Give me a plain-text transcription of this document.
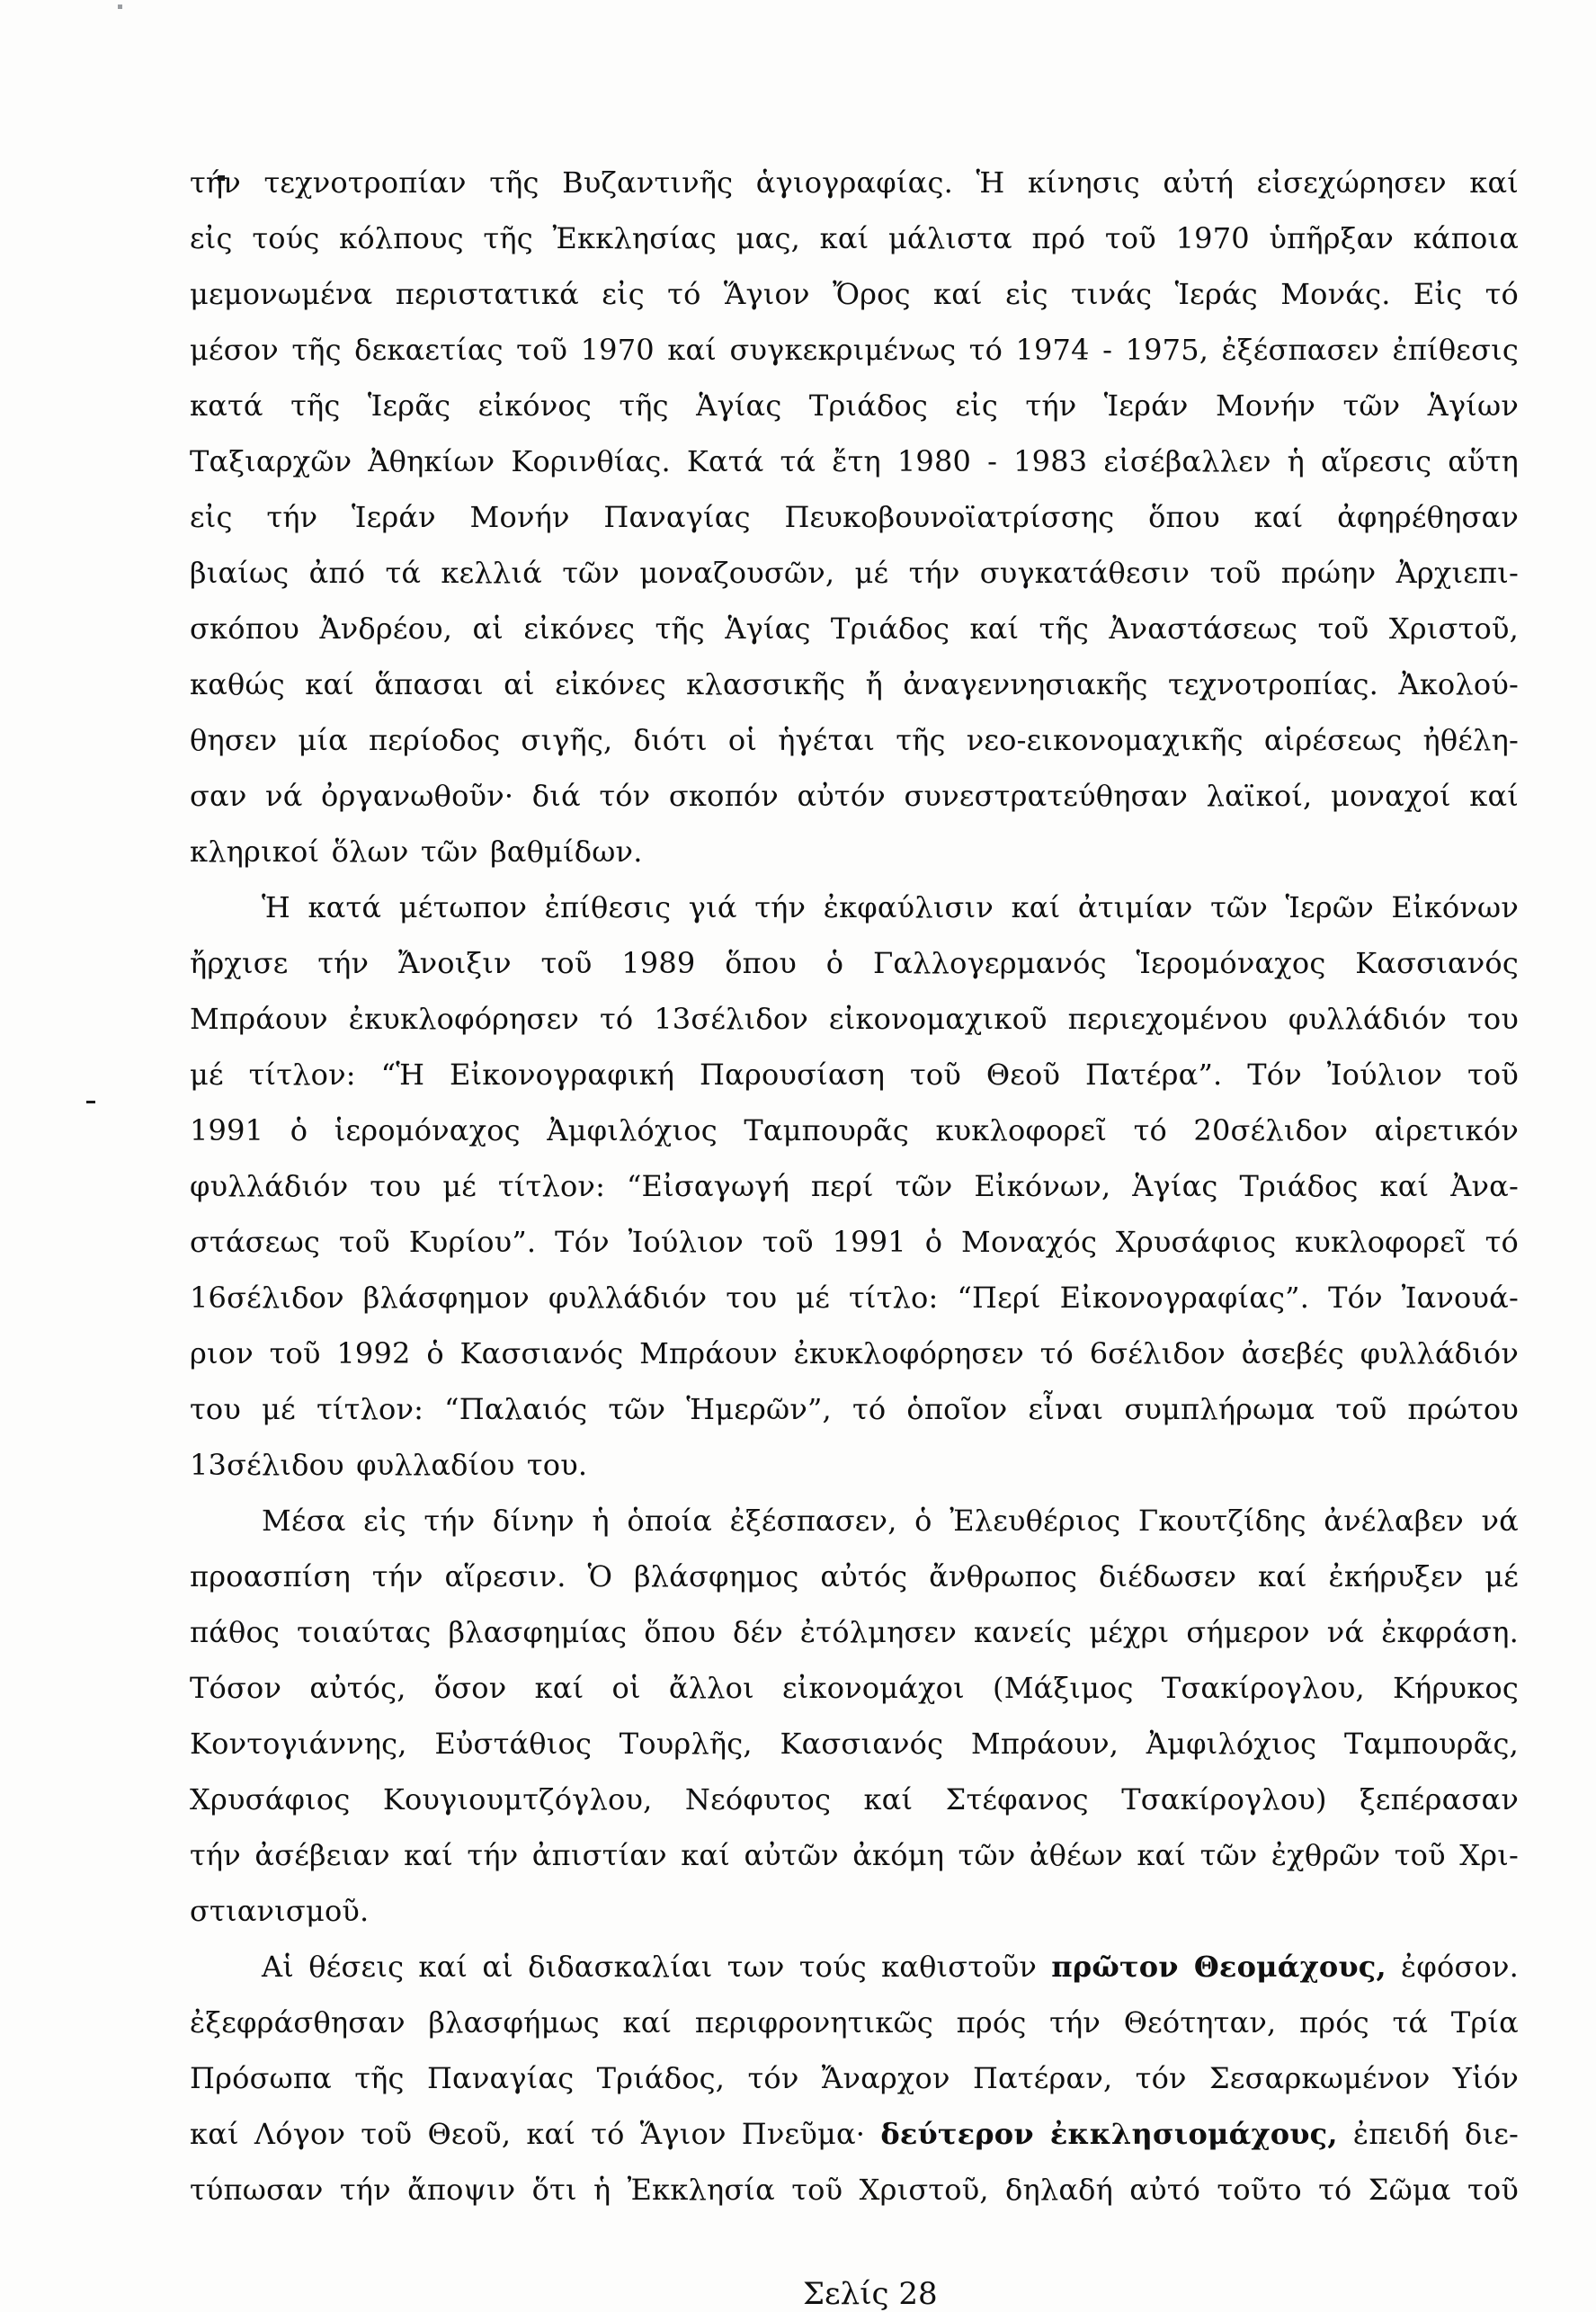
τήν τεχνοτροπίαν τῆς Βυζαντινῆς ἁγιογραφίας. Ἡ κίνησις αὐτή εἰσεχώρησεν καί
εἰς τούς κόλπους τῆς Ἐκκλησίας μας, καί μάλιστα πρό τοῦ 1970 ὑπῆρξαν κάποια
μεμονωμένα περιστατικά εἰς τό Ἅγιον Ὄρος καί εἰς τινάς Ἱεράς Μονάς. Εἰς τό
μέσον τῆς δεκαετίας τοῦ 1970 καί συγκεκριμένως τό 1974 - 1975, ἐξέσπασεν ἐπίθεσις
κατά τῆς Ἱερᾶς εἰκόνος τῆς Ἁγίας Τριάδος εἰς τήν Ἱεράν Μονήν τῶν Ἁγίων
Ταξιαρχῶν Ἀθηκίων Κορινθίας. Κατά τά ἔτη 1980 - 1983 εἰσέβαλλεν ἡ αἵρεσις αὕτη
εἰς τήν Ἱεράν Μονήν Παναγίας Πευκοβουνοϊατρίσσης ὅπου καί ἀφηρέθησαν
βιαίως ἀπό τά κελλιά τῶν μοναζουσῶν, μέ τήν συγκατάθεσιν τοῦ πρώην Ἀρχιεπι-
σκόπου Ἀνδρέου, αἱ εἰκόνες τῆς Ἁγίας Τριάδος καί τῆς Ἀναστάσεως τοῦ Χριστοῦ,
καθώς καί ἅπασαι αἱ εἰκόνες κλασσικῆς ἤ ἀναγεννησιακῆς τεχνοτροπίας. Ἀκολού-
θησεν μία περίοδος σιγῆς, διότι οἱ ἡγέται τῆς νεο-εικονομαχικῆς αἱρέσεως ἠθέλη-
σαν νά ὀργανωθοῦν· διά τόν σκοπόν αὐτόν συνεστρατεύθησαν λαϊκοί, μοναχοί καί
κληρικοί ὅλων τῶν βαθμίδων.
Ἡ κατά μέτωπον ἐπίθεσις γιά τήν ἐκφαύλισιν καί ἀτιμίαν τῶν Ἱερῶν Εἰκόνων
ἤρχισε τήν Ἄνοιξιν τοῦ 1989 ὅπου ὁ Γαλλογερμανός Ἱερομόναχος Κασσιανός
Μπράουν ἐκυκλοφόρησεν τό 13σέλιδον εἰκονομαχικοῦ περιεχομένου φυλλάδιόν του
μέ τίτλον: “Ἡ Εἰκονογραφική Παρουσίαση τοῦ Θεοῦ Πατέρα”. Τόν Ἰούλιον τοῦ
1991 ὁ ἱερομόναχος Ἀμφιλόχιος Ταμπουρᾶς κυκλοφορεῖ τό 20σέλιδον αἱρετικόν
φυλλάδιόν του μέ τίτλον: “Εἰσαγωγή περί τῶν Εἰκόνων, Ἁγίας Τριάδος καί Ἀνα-
στάσεως τοῦ Κυρίου”. Τόν Ἰούλιον τοῦ 1991 ὁ Μοναχός Χρυσάφιος κυκλοφορεῖ τό
16σέλιδον βλάσφημον φυλλάδιόν του μέ τίτλο: “Περί Εἰκονογραφίας”. Τόν Ἰανουά-
ριον τοῦ 1992 ὁ Κασσιανός Μπράουν ἐκυκλοφόρησεν τό 6σέλιδον ἀσεβές φυλλάδιόν
του μέ τίτλον: “Παλαιός τῶν Ἡμερῶν”, τό ὁποῖον εἶναι συμπλήρωμα τοῦ πρώτου
13σέλιδου φυλλαδίου του.
Μέσα εἰς τήν δίνην ἡ ὁποία ἐξέσπασεν, ὁ Ἐλευθέριος Γκουτζίδης ἀνέλαβεν νά
προασπίση τήν αἵρεσιν. Ὁ βλάσφημος αὐτός ἄνθρωπος διέδωσεν καί ἐκήρυξεν μέ
πάθος τοιαύτας βλασφημίας ὅπου δέν ἐτόλμησεν κανείς μέχρι σήμερον νά ἐκφράση.
Τόσον αὐτός, ὅσον καί οἱ ἄλλοι εἰκονομάχοι (Μάξιμος Τσακίρογλου, Κήρυκος
Κοντογιάννης, Εὐστάθιος Τουρλῆς, Κασσιανός Μπράουν, Ἀμφιλόχιος Ταμπουρᾶς,
Χρυσάφιος Κουγιουμτζόγλου, Νεόφυτος καί Στέφανος Τσακίρογλου) ξεπέρασαν
τήν ἀσέβειαν καί τήν ἀπιστίαν καί αὐτῶν ἀκόμη τῶν ἀθέων καί τῶν ἐχθρῶν τοῦ Χρι-
στιανισμοῦ.
Αἱ θέσεις καί αἱ διδασκαλίαι των τούς καθιστοῦν πρῶτον Θεομάχους, ἐφόσον.
ἐξεφράσθησαν βλασφήμως καί περιφρονητικῶς πρός τήν Θεότηταν, πρός τά Τρία
Πρόσωπα τῆς Παναγίας Τριάδος, τόν Ἄναρχον Πατέραν, τόν Σεσαρκωμένον Υἱόν
καί Λόγον τοῦ Θεοῦ, καί τό Ἅγιον Πνεῦμα· δεύτερον ἐκκλησιομάχους, ἐπειδή διε-
τύπωσαν τήν ἄποψιν ὅτι ἡ Ἐκκλησία τοῦ Χριστοῦ, δηλαδή αὐτό τοῦτο τό Σῶμα τοῦ
Σελίς 28
